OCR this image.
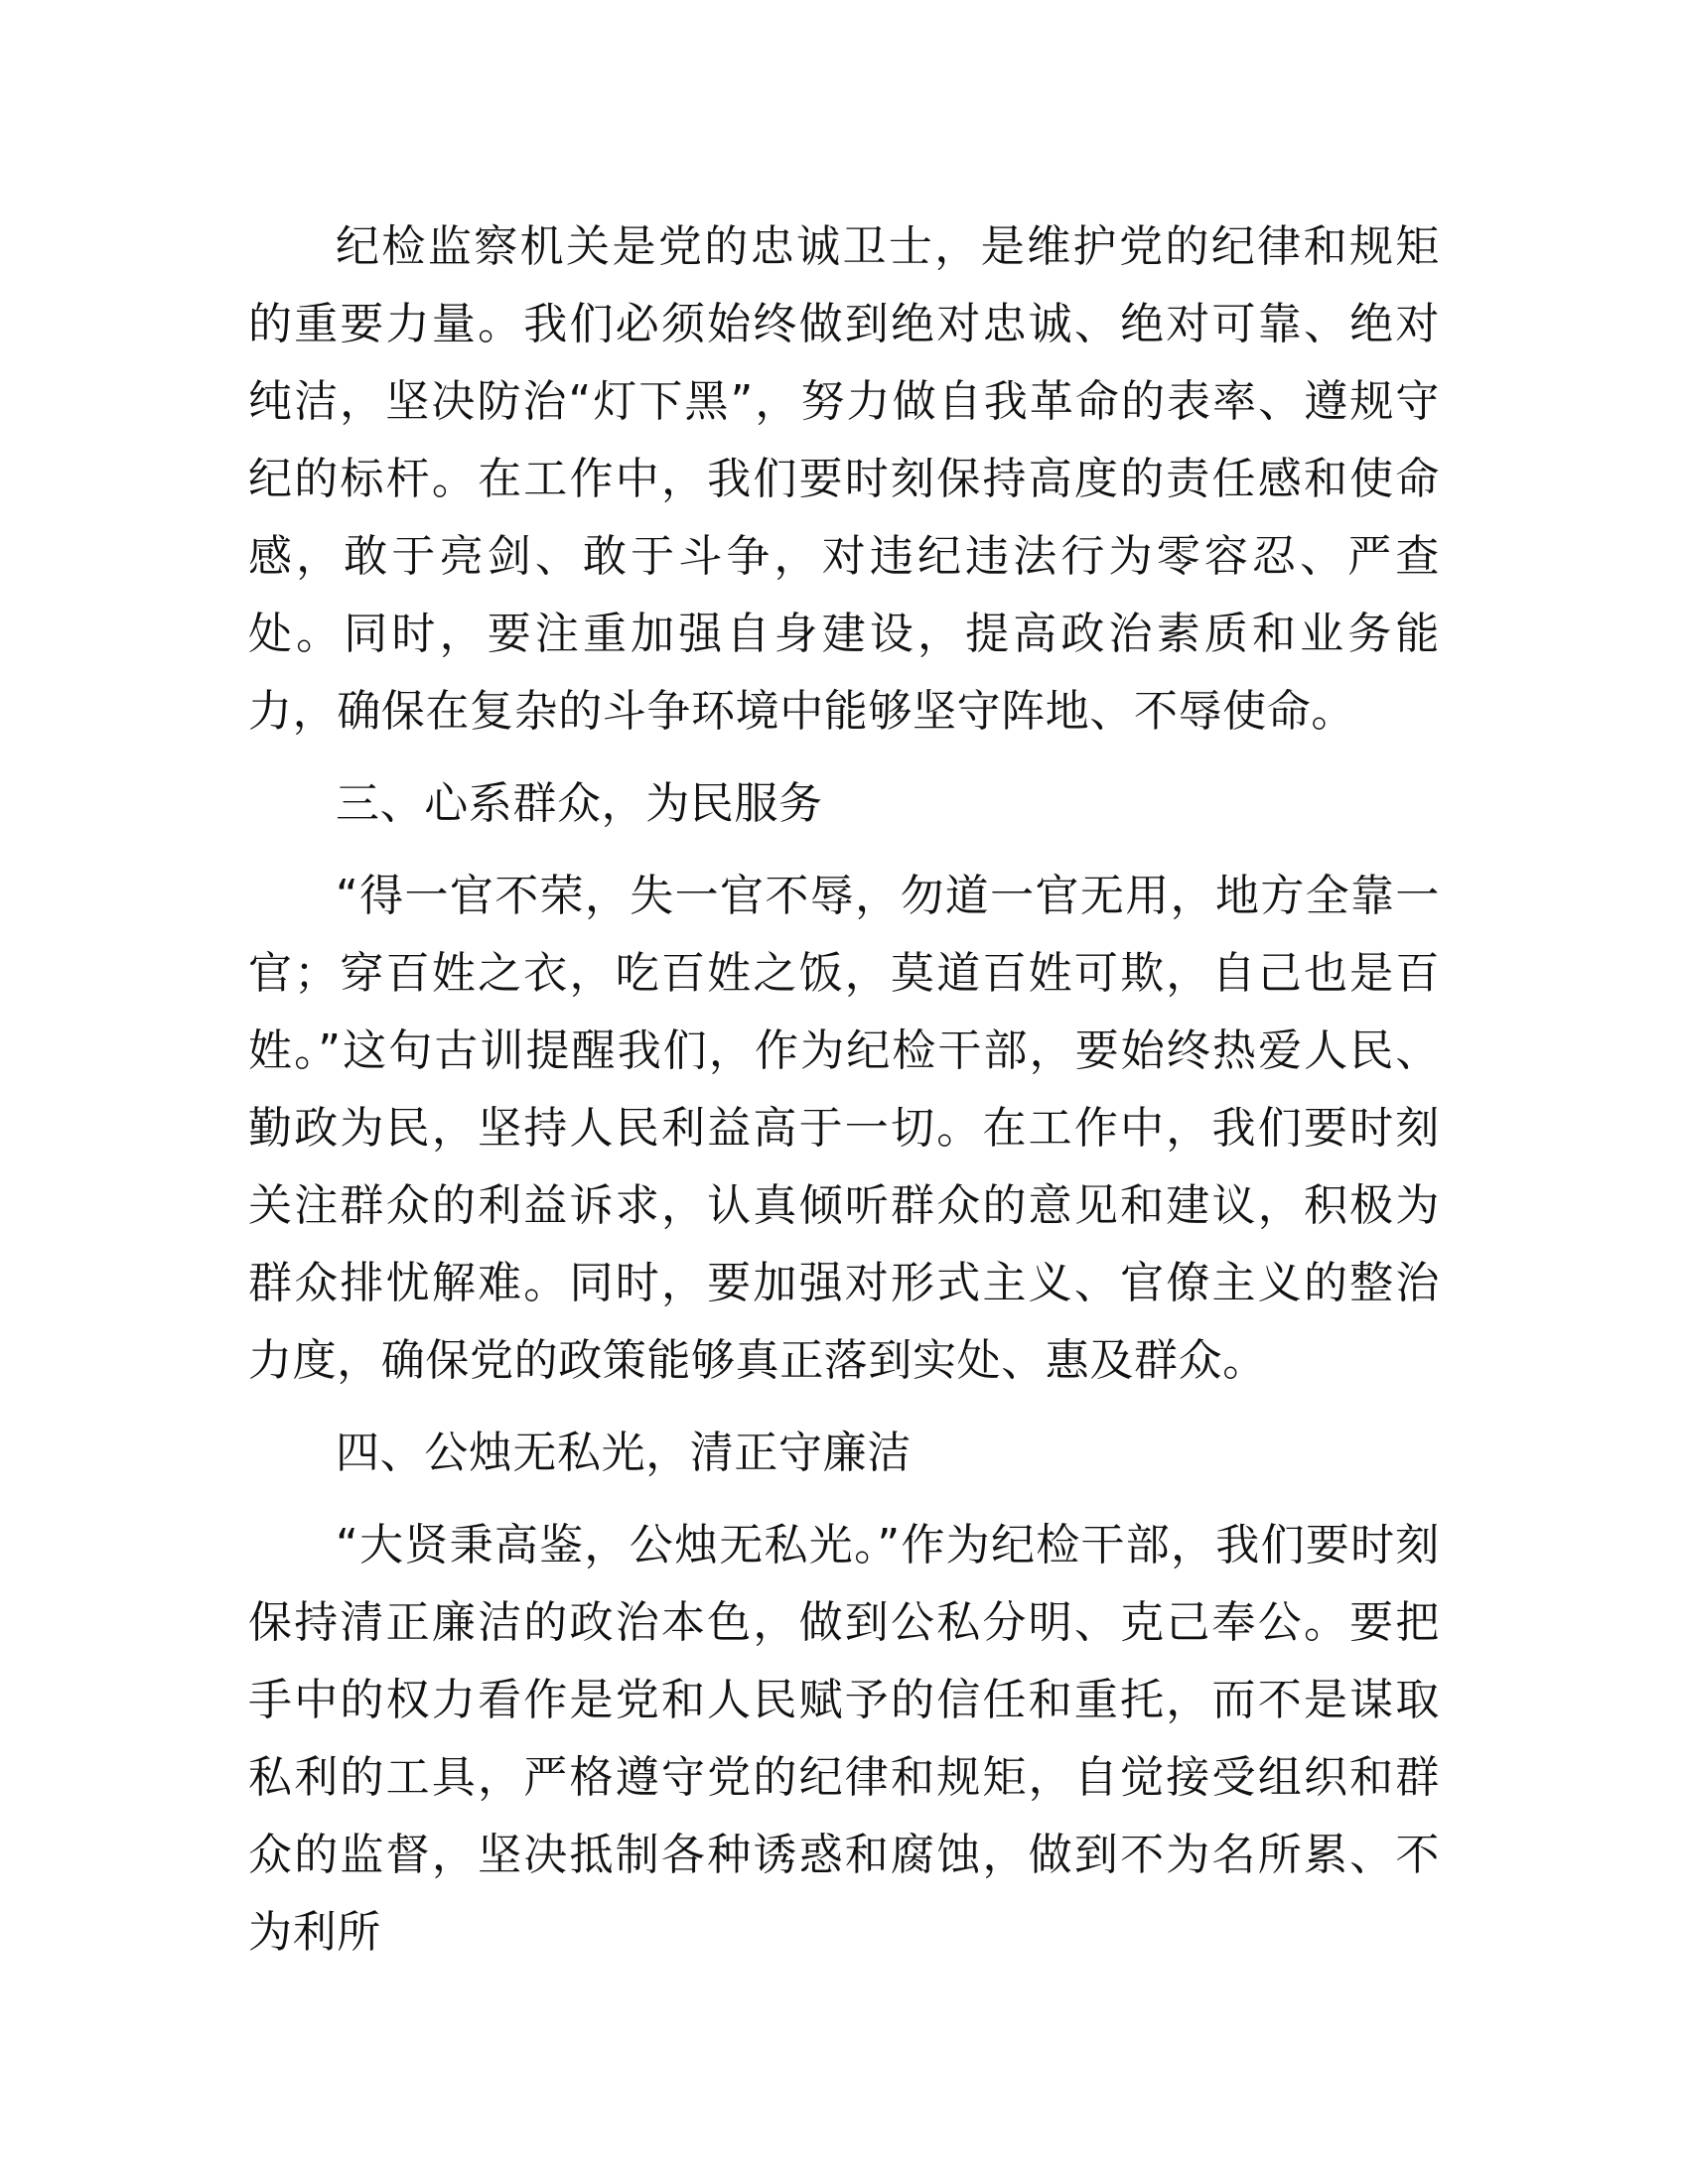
纪检监察机关是党的忠诚卫士，是维护党的纪律和规矩的重要力量。我们必须始终做到绝对忠诚、绝对可靠、绝对纯洁，坚决防治“灯下黑”，努力做自我革命的表率、遵规守纪的标杆。在工作中，我们要时刻保持高度的责任感和使命感，敢于亮剑、敢于斗争，对违纪违法行为零容忍、严查处。同时，要注重加强自身建设，提高政治素质和业务能力，确保在复杂的斗争环境中能够坚守阵地、不辱使命。

三、心系群众，为民服务

“得一官不荣，失一官不辱，勿道一官无用，地方全靠一官；穿百姓之衣，吃百姓之饭，莫道百姓可欺，自己也是百姓。”这句古训提醒我们，作为纪检干部，要始终热爱人民、勤政为民，坚持人民利益高于一切。在工作中，我们要时刻关注群众的利益诉求，认真倾听群众的意见和建议，积极为群众排忧解难。同时，要加强对形式主义、官僚主义的整治力度，确保党的政策能够真正落到实处、惠及群众。

四、公烛无私光，清正守廉洁

“大贤秉高鉴，公烛无私光。”作为纪检干部，我们要时刻保持清正廉洁的政治本色，做到公私分明、克己奉公。要把手中的权力看作是党和人民赋予的信任和重托，而不是谋取私利的工具，严格遵守党的纪律和规矩，自觉接受组织和群众的监督，坚决抵制各种诱惑和腐蚀，做到不为名所累、不为利所
